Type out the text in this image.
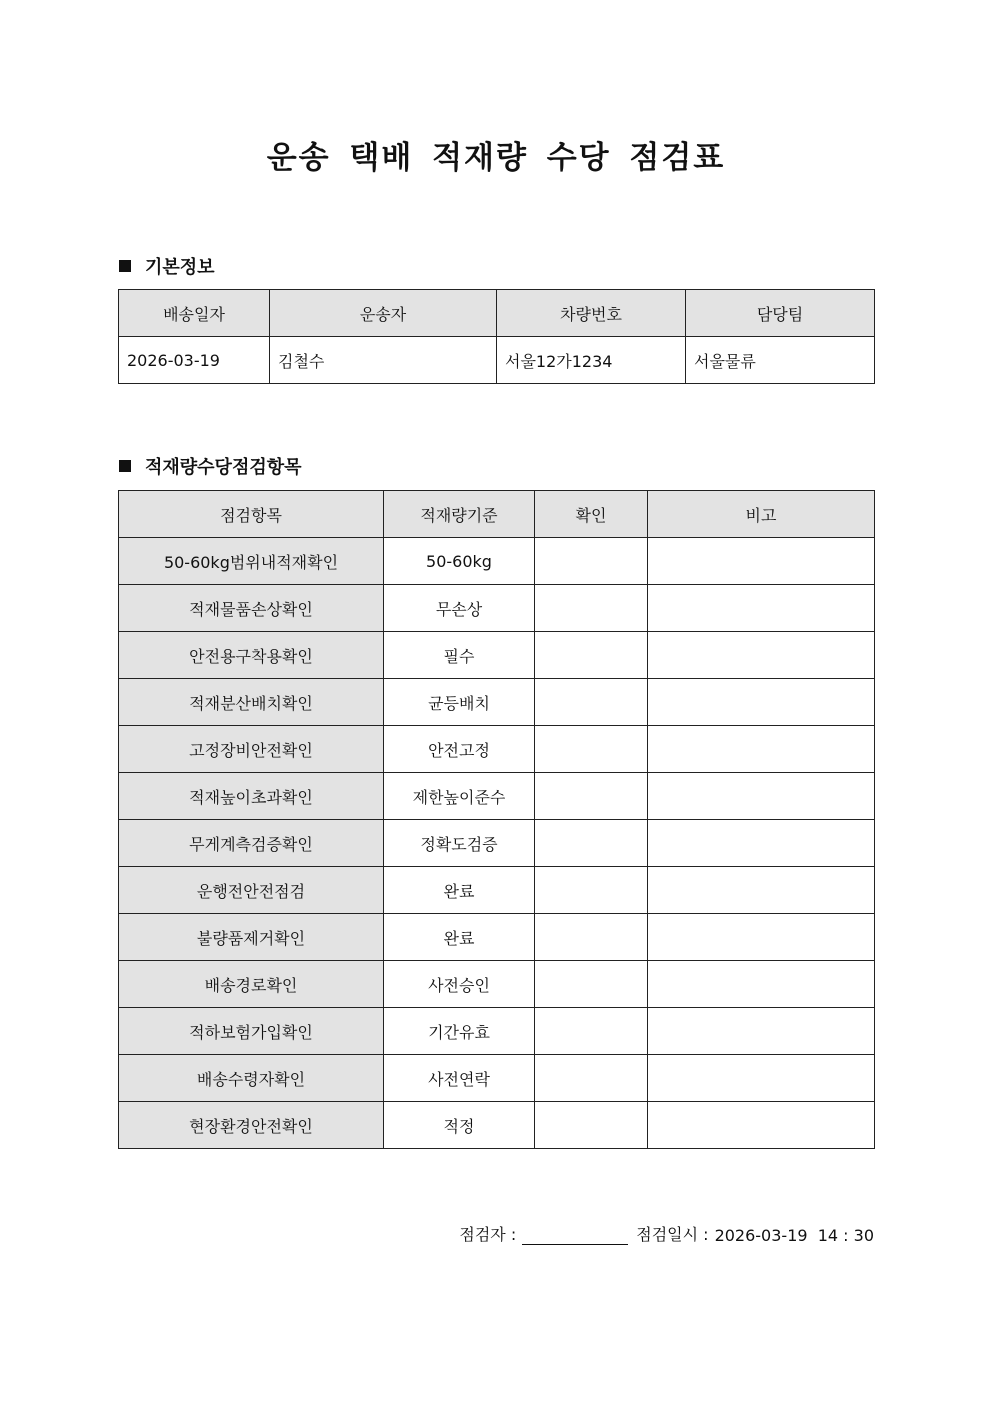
운송 택배 적재량 수당 점검표
기본정보
배송일자	운송자	차량번호	담당팀
2026-03-19	김철수	서울12가1234	서울물류
적재량수당점검항목
점검항목	적재량기준	확인	비고
50-60kg범위내적재확인	50-60kg		
적재물품손상확인	무손상		
안전용구착용확인	필수		
적재분산배치확인	균등배치		
고정장비안전확인	안전고정		
적재높이초과확인	제한높이준수		
무게계측검증확인	정확도검증		
운행전안전점검	완료		
불량품제거확인	완료		
배송경로확인	사전승인		
적하보험가입확인	기간유효		
배송수령자확인	사전연락		
현장환경안전확인	적정		
점검자 :	점검일시 : 2026-03-19  14 : 30
